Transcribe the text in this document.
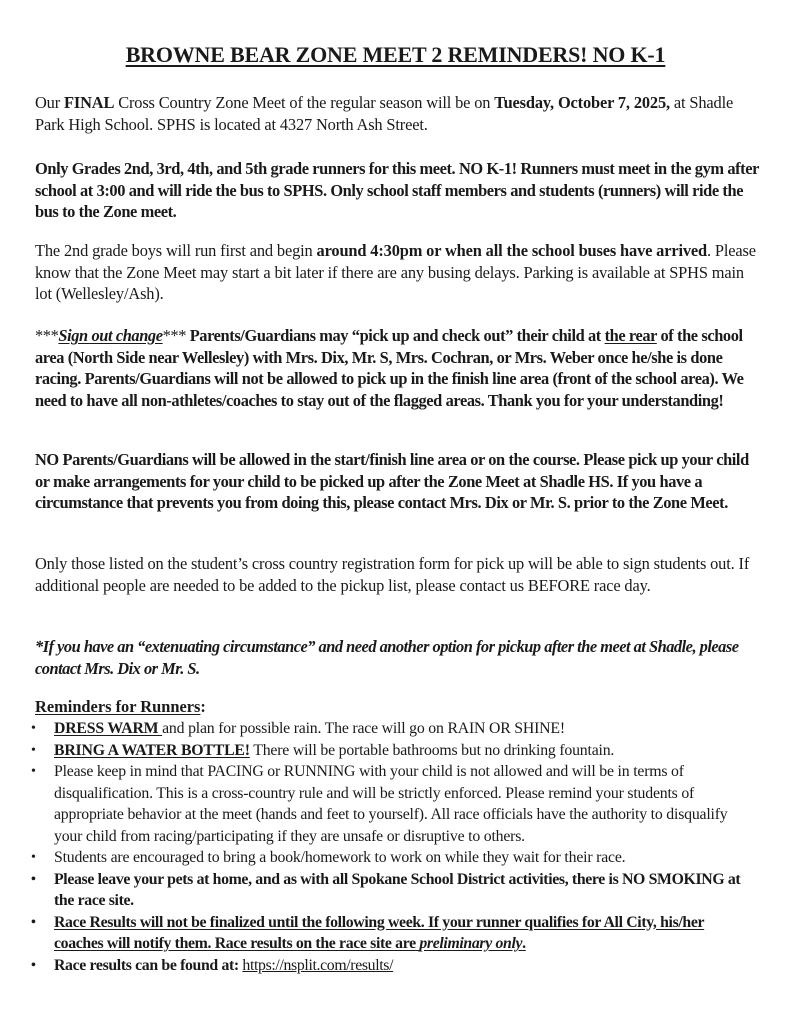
BROWNE BEAR ZONE MEET 2 REMINDERS! NO K-1

Our FINAL Cross Country Zone Meet of the regular season will be on Tuesday, October 7, 2025, at Shadle Park High School. SPHS is located at 4327 North Ash Street.

Only Grades 2nd, 3rd, 4th, and 5th grade runners for this meet. NO K-1! Runners must meet in the gym after school at 3:00 and will ride the bus to SPHS. Only school staff members and students (runners) will ride the bus to the Zone meet.

The 2nd grade boys will run first and begin around 4:30pm or when all the school buses have arrived. Please know that the Zone Meet may start a bit later if there are any busing delays. Parking is available at SPHS main lot (Wellesley/Ash).

***Sign out change*** Parents/Guardians may “pick up and check out” their child at the rear of the school area (North Side near Wellesley) with Mrs. Dix, Mr. S, Mrs. Cochran, or Mrs. Weber once he/she is done racing. Parents/Guardians will not be allowed to pick up in the finish line area (front of the school area). We need to have all non-athletes/coaches to stay out of the flagged areas. Thank you for your understanding!

NO Parents/Guardians will be allowed in the start/finish line area or on the course. Please pick up your child or make arrangements for your child to be picked up after the Zone Meet at Shadle HS. If you have a circumstance that prevents you from doing this, please contact Mrs. Dix or Mr. S. prior to the Zone Meet.

Only those listed on the student’s cross country registration form for pick up will be able to sign students out. If additional people are needed to be added to the pickup list, please contact us BEFORE race day.

*If you have an “extenuating circumstance” and need another option for pickup after the meet at Shadle, please contact Mrs. Dix or Mr. S.

Reminders for Runners:
• DRESS WARM and plan for possible rain. The race will go on RAIN OR SHINE!
• BRING A WATER BOTTLE! There will be portable bathrooms but no drinking fountain.
• Please keep in mind that PACING or RUNNING with your child is not allowed and will be in terms of disqualification. This is a cross-country rule and will be strictly enforced. Please remind your students of appropriate behavior at the meet (hands and feet to yourself). All race officials have the authority to disqualify your child from racing/participating if they are unsafe or disruptive to others.
• Students are encouraged to bring a book/homework to work on while they wait for their race.
• Please leave your pets at home, and as with all Spokane School District activities, there is NO SMOKING at the race site.
• Race Results will not be finalized until the following week. If your runner qualifies for All City, his/her coaches will notify them. Race results on the race site are preliminary only.
• Race results can be found at: https://nsplit.com/results/
